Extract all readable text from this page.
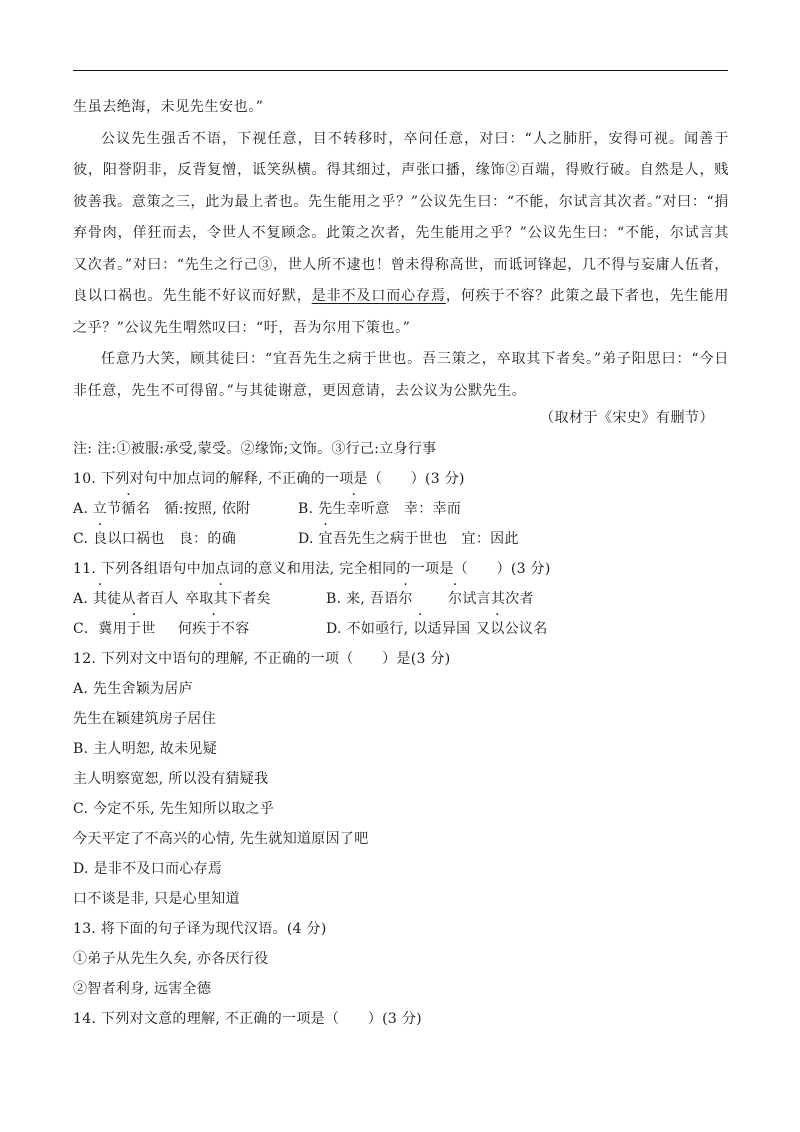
生虽去绝海，未见先生安也。”

公议先生强舌不语，下视任意，目不转移时，卒问任意，对曰：“人之肺肝，安得可视。闻善于彼，阳誉阴非，反背复憎，诋笑纵横。得其细过，声张口播，缘饰②百端，得败行破。自然是人，贱彼善我。意策之三，此为最上者也。先生能用之乎？”公议先生曰：“不能，尔试言其次者。”对曰：“捐弃骨肉，佯狂而去，令世人不复顾念。此策之次者，先生能用之乎？”公议先生曰：“不能，尔试言其又次者。”对曰：“先生之行己③，世人所不逮也！曾未得称高世，而诋诃锋起，几不得与妄庸人伍者，良以口祸也。先生能不好议而好默，是非不及口而心存焉，何疾于不容？此策之最下者也，先生能用之乎？”公议先生喟然叹曰：“吁，吾为尔用下策也。”

任意乃大笑，顾其徒曰：“宜吾先生之病于世也。吾三策之，卒取其下者矣。”弟子阳思曰：“今日非任意，先生不可得留。”与其徒谢意，更因意请，去公议为公默先生。

（取材于《宋史》有删节）
注: 注:①被服:承受,蒙受。②缘饰;文饰。③行己:立身行事
10. 下列对句中加点词的解释, 不正确的一项是（　　）(3 分)
A. 立节循名　循:按照, 依附	B. 先生幸听意　幸：幸而
C. 良以口祸也　良：的确	D. 宜吾先生之病于世也　宜：因此
11. 下列各组语句中加点词的意义和用法, 完全相同的一项是（　　）(3 分)
A. 其徒从者百人 卒取其下者矣	B. 来, 吾语尔	尔试言其次者
C．冀用于世 何疾于不容	D. 不如亟行, 以适异国 又以公议名
12. 下列对文中语句的理解, 不正确的一项（　　）是(3 分)
A. 先生舍颖为居庐
先生在颖建筑房子居住
B. 主人明恕, 故未见疑
主人明察宽恕, 所以没有猜疑我
C. 今定不乐, 先生知所以取之乎
今天平定了不高兴的心情, 先生就知道原因了吧
D. 是非不及口而心存焉
口不谈是非, 只是心里知道
13. 将下面的句子译为现代汉语。(4 分)
①弟子从先生久矣, 亦各厌行役
②智者利身, 远害全德
14. 下列对文意的理解, 不正确的一项是（　　）(3 分)
